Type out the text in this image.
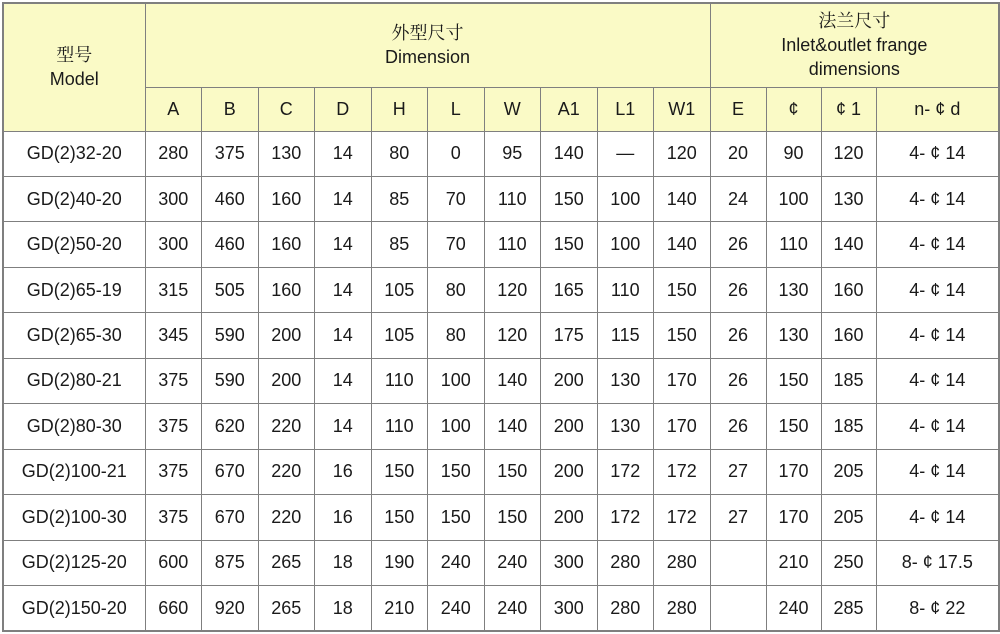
型号
Model	外型尺寸
Dimension										法兰尺寸
Inlet&outlet frange
dimensions			

	A	B	C	D	H	L	W	A1	L1	W1	E	¢	¢ 1	n- ¢ d
GD(2)32-20	280	375	130	14	80	0	95	140	—	120	20	90	120	4- ¢ 14
GD(2)40-20	300	460	160	14	85	70	110	150	100	140	24	100	130	4- ¢ 14
GD(2)50-20	300	460	160	14	85	70	110	150	100	140	26	110	140	4- ¢ 14
GD(2)65-19	315	505	160	14	105	80	120	165	110	150	26	130	160	4- ¢ 14
GD(2)65-30	345	590	200	14	105	80	120	175	115	150	26	130	160	4- ¢ 14
GD(2)80-21	375	590	200	14	110	100	140	200	130	170	26	150	185	4- ¢ 14
GD(2)80-30	375	620	220	14	110	100	140	200	130	170	26	150	185	4- ¢ 14
GD(2)100-21	375	670	220	16	150	150	150	200	172	172	27	170	205	4- ¢ 14
GD(2)100-30	375	670	220	16	150	150	150	200	172	172	27	170	205	4- ¢ 14
GD(2)125-20	600	875	265	18	190	240	240	300	280	280		210	250	8- ¢ 17.5
GD(2)150-20	660	920	265	18	210	240	240	300	280	280		240	285	8- ¢ 22
